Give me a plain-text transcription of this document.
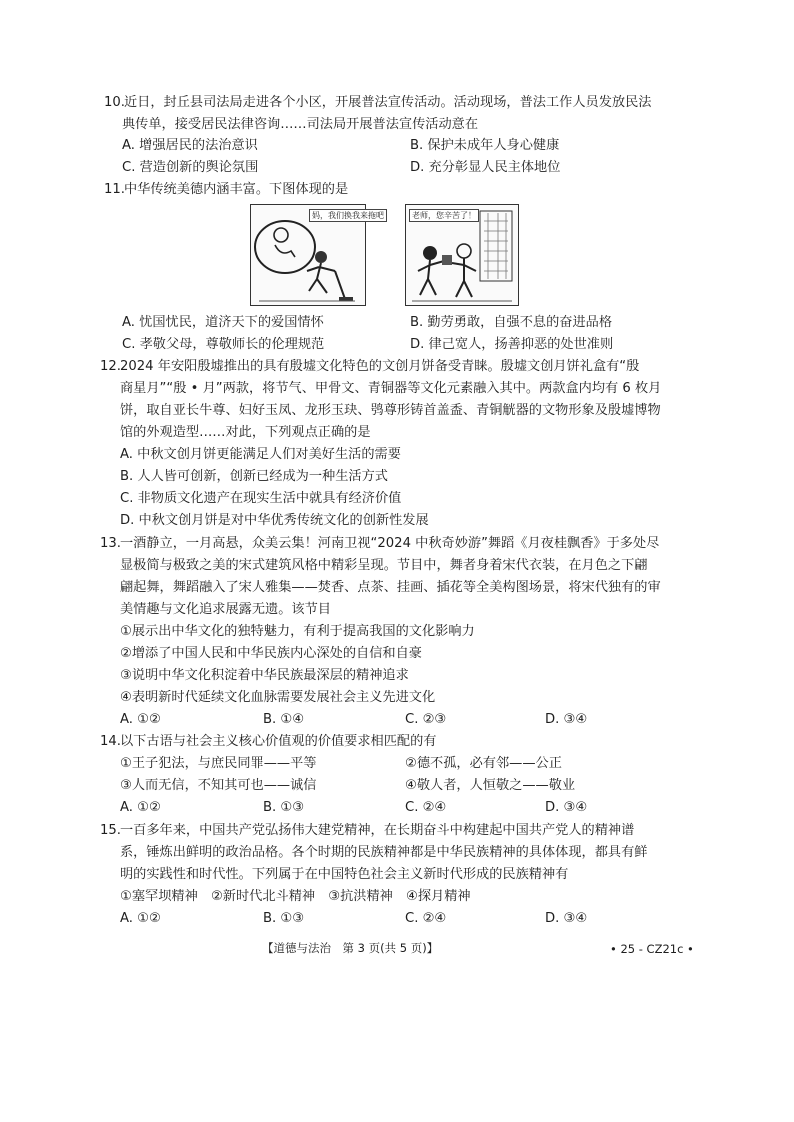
10. 近日，封丘县司法局走进各个小区，开展普法宣传活动。活动现场，普法工作人员发放民法
典传单，接受居民法律咨询……司法局开展普法宣传活动意在
A. 增强居民的法治意识	B. 保护未成年人身心健康
C. 营造创新的舆论氛围	D. 充分彰显人民主体地位
11. 中华传统美德内涵丰富。下图体现的是
妈，我们换我来拖吧	老师，您辛苦了！
A. 忧国忧民，道济天下的爱国情怀	B. 勤劳勇敢，自强不息的奋进品格
C. 孝敬父母，尊敬师长的伦理规范	D. 律己宽人，扬善抑恶的处世准则
12. 2024 年安阳殷墟推出的具有殷墟文化特色的文创月饼备受青睐。殷墟文创月饼礼盒有“殷
商星月”“殷 • 月”两款，将节气、甲骨文、青铜器等文化元素融入其中。两款盒内均有 6 枚月
饼，取自亚长牛尊、妇好玉凤、龙形玉玦、鸮尊形铸首盖盉、青铜觥器的文物形象及殷墟博物
馆的外观造型……对此，下列观点正确的是
A. 中秋文创月饼更能满足人们对美好生活的需要
B. 人人皆可创新，创新已经成为一种生活方式
C. 非物质文化遗产在现实生活中就具有经济价值
D. 中秋文创月饼是对中华优秀传统文化的创新性发展
13. 一酒静立，一月高悬，众美云集！河南卫视“2024 中秋奇妙游”舞蹈《月夜桂飘香》于多处尽
显极简与极致之美的宋式建筑风格中精彩呈现。节目中，舞者身着宋代衣装，在月色之下翩
翩起舞，舞蹈融入了宋人雅集——焚香、点茶、挂画、插花等全美构图场景，将宋代独有的审
美情趣与文化追求展露无遗。该节目
①展示出中华文化的独特魅力，有利于提高我国的文化影响力
②增添了中国人民和中华民族内心深处的自信和自豪
③说明中华文化积淀着中华民族最深层的精神追求
④表明新时代延续文化血脉需要发展社会主义先进文化
A. ①②	B. ①④	C. ②③	D. ③④
14. 以下古语与社会主义核心价值观的价值要求相匹配的有
①王子犯法，与庶民同罪——平等	②德不孤，必有邻——公正
③人而无信，不知其可也——诚信	④敬人者，人恒敬之——敬业
A. ①②	B. ①③	C. ②④	D. ③④
15. 一百多年来，中国共产党弘扬伟大建党精神，在长期奋斗中构建起中国共产党人的精神谱
系，锤炼出鲜明的政治品格。各个时期的民族精神都是中华民族精神的具体体现，都具有鲜
明的实践性和时代性。下列属于在中国特色社会主义新时代形成的民族精神有
①塞罕坝精神　②新时代北斗精神　③抗洪精神　④探月精神
A. ①②	B. ①③	C. ②④	D. ③④
【道德与法治　第 3 页(共 5 页)】	• 25 - CZ21c •
